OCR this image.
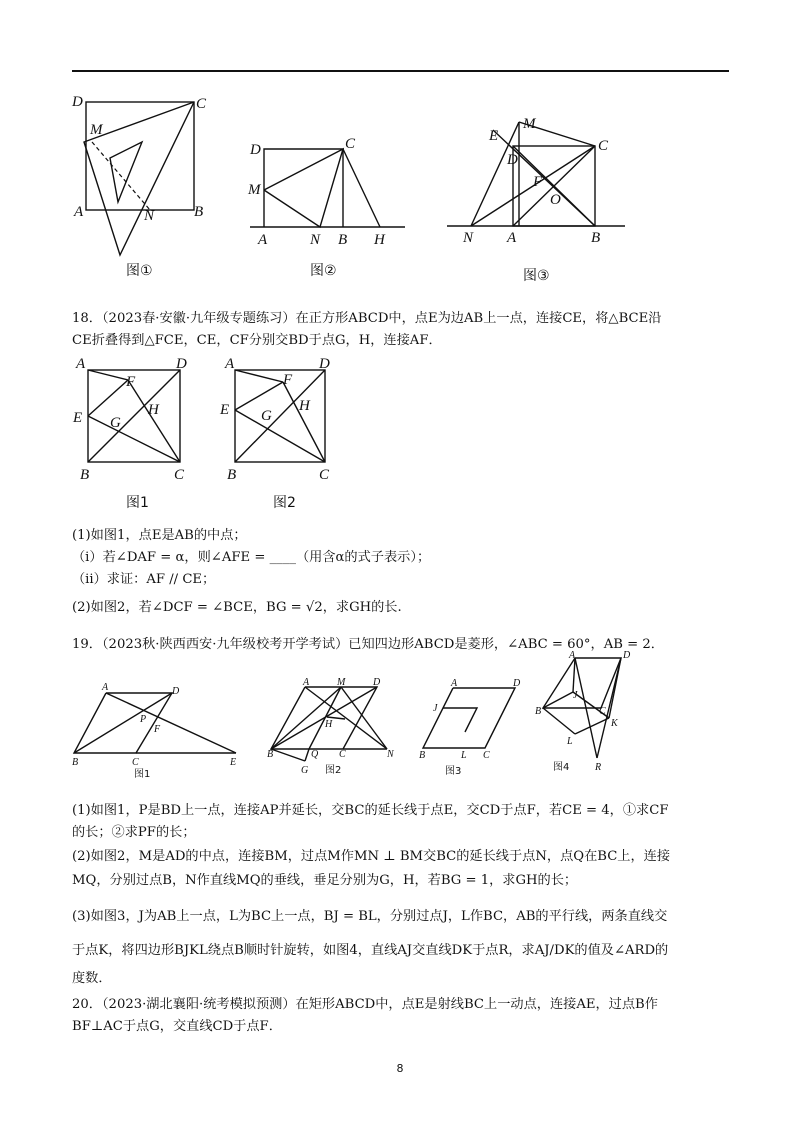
D	C
M
A	N	B
图①
D	C
M
A	N B H
图②
E
M
D
C
F
O
N A	B
图③
18．（2023春·安徽·九年级专题练习）在正方形ABCD中，点E为边AB上一点，连接CE，将△BCE沿
CE折叠得到△FCE，CE，CF分别交BD于点G，H，连接AF．
A	D
F
E G
H
B	C
图1
A	D
F
E G
H
B	C
图2
(1)如图1，点E是AB的中点；
（i）若∠DAF = α，则∠AFE = ____（用含α的式子表示）；
（ii）求证：AF // CE；
(2)如图2，若∠DCF = ∠BCE，BG = √2，求GH的长.
19．（2023秋·陕西西安·九年级校考开学考试）已知四边形ABCD是菱形，∠ABC = 60°，AB = 2．
A	D
P
F
B	C	E
图1
A	M	D
H
B	Q C	N
G 图2
A	D
J
B	L C
图3
A	D
J
B	C
K
L
R
图4
(1)如图1，P是BD上一点，连接AP并延长，交BC的延长线于点E，交CD于点F，若CE = 4，①求CF
的长；②求PF的长；
(2)如图2，M是AD的中点，连接BM，过点M作MN ⊥ BM交BC的延长线于点N，点Q在BC上，连接
MQ，分别过点B，N作直线MQ的垂线，垂足分别为G，H，若BG = 1，求GH的长；
(3)如图3，J为AB上一点，L为BC上一点，BJ = BL，分别过点J，L作BC，AB的平行线，两条直线交
于点K，将四边形BJKL绕点B顺时针旋转，如图4，直线AJ交直线DK于点R，求AJ/DK的值及∠ARD的
度数．
20．（2023·湖北襄阳·统考模拟预测）在矩形ABCD中，点E是射线BC上一动点，连接AE，过点B作
BF⊥AC于点G，交直线CD于点F．
8
